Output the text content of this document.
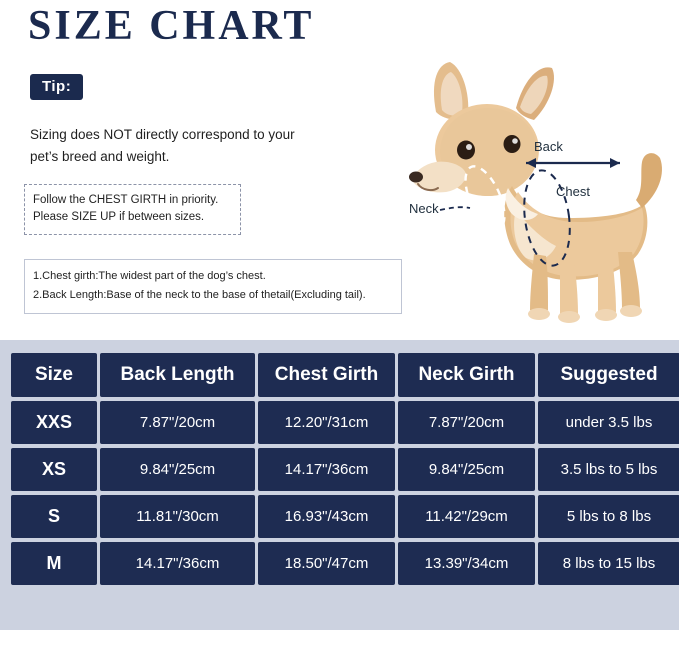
SIZE CHART
Tip:
Sizing does NOT directly correspond to your
pet’s breed and weight.
Follow the CHEST GIRTH in priority.
Please SIZE UP if between sizes.
1.Chest girth:The widest part of the dog’s chest.
2.Back Length:Base of the neck to the base of thetail(Excluding tail).
Back
Chest
Neck
Size	Back Length	Chest Girth	Neck Girth	Suggested
XXS	7.87"/20cm	12.20"/31cm	7.87"/20cm	under 3.5 lbs
XS	9.84"/25cm	14.17"/36cm	9.84"/25cm	3.5 lbs to 5 lbs
S	11.81"/30cm	16.93"/43cm	11.42"/29cm	5 lbs to 8 lbs
M	14.17"/36cm	18.50"/47cm	13.39"/34cm	8 lbs to 15 lbs
